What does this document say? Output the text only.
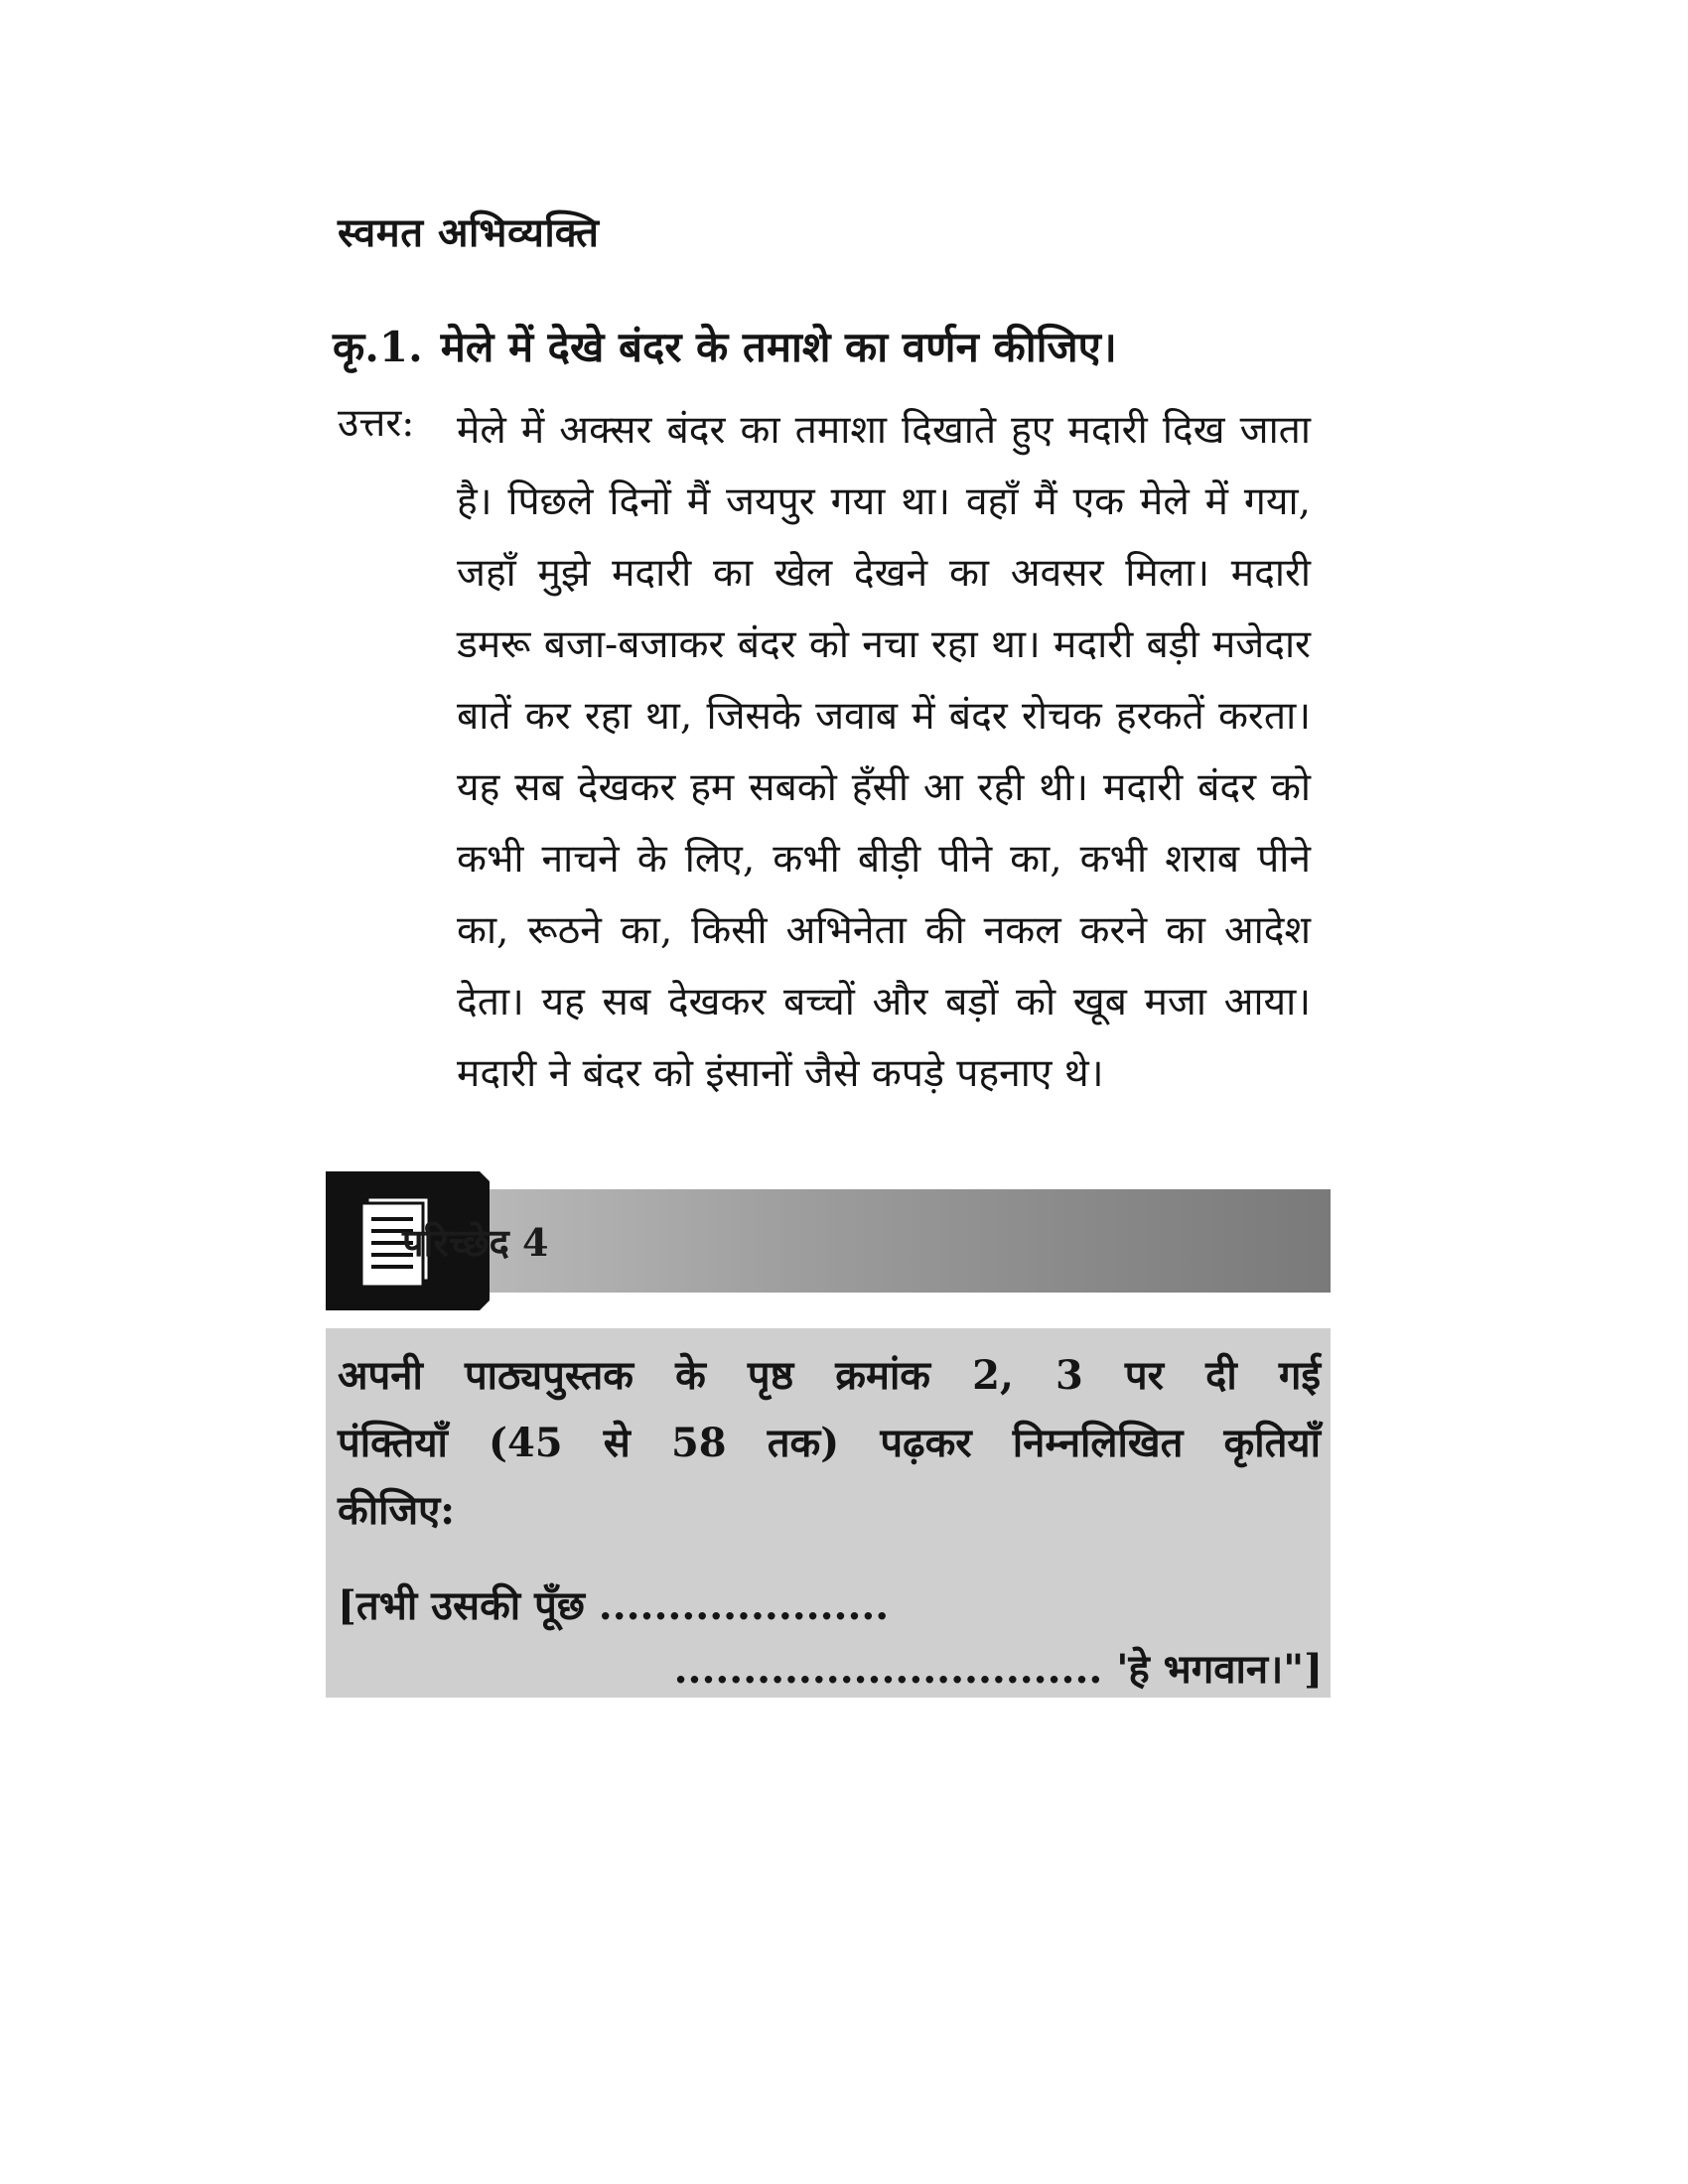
स्वमत अभिव्यक्ति
कृ.1. मेले में देखे बंदर के तमाशे का वर्णन कीजिए।
उत्तर: मेले में अक्सर बंदर का तमाशा दिखाते हुए मदारी दिख जाता है। पिछले दिनों मैं जयपुर गया था। वहाँ मैं एक मेले में गया, जहाँ मुझे मदारी का खेल देखने का अवसर मिला। मदारी डमरू बजा-बजाकर बंदर को नचा रहा था। मदारी बड़ी मजेदार बातें कर रहा था, जिसके जवाब में बंदर रोचक हरकतें करता। यह सब देखकर हम सबको हँसी आ रही थी। मदारी बंदर को कभी नाचने के लिए, कभी बीड़ी पीने का, कभी शराब पीने का, रूठने का, किसी अभिनेता की नकल करने का आदेश देता। यह सब देखकर बच्चों और बड़ों को खूब मजा आया। मदारी ने बंदर को इंसानों जैसे कपड़े पहनाए थे।
परिच्छेद 4
अपनी पाठ्यपुस्तक के पृष्ठ क्रमांक 2, 3 पर दी गई
पंक्तियाँ (45 से 58 तक) पढ़कर निम्नलिखित कृतियाँ
कीजिए:
[तभी उसकी पूँछ .....................
............................... 'हे भगवान।"]
